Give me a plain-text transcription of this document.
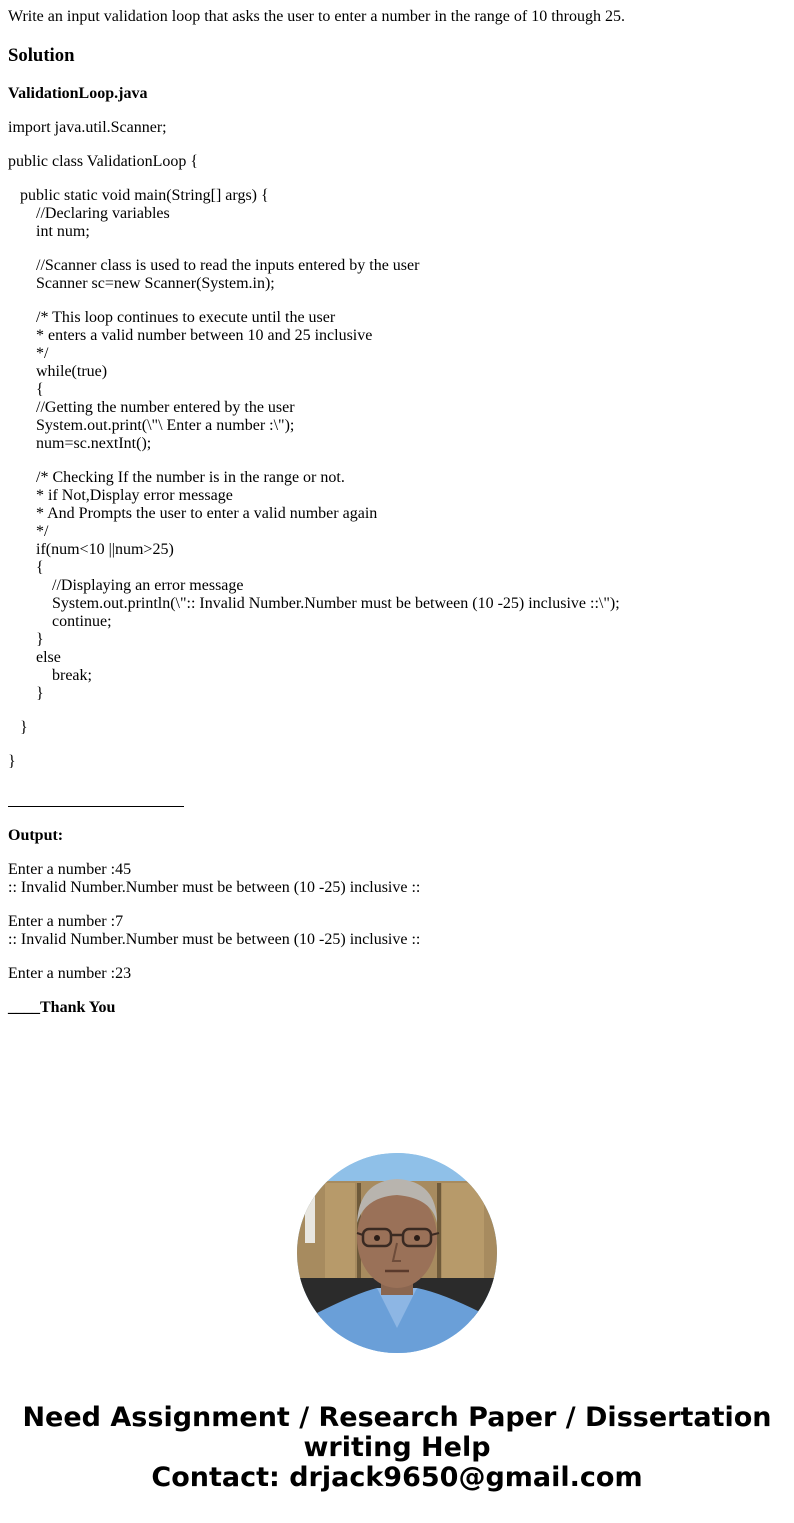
Write an input validation loop that asks the user to enter a number in the range of 10 through 25.

Solution
ValidationLoop.java
import java.util.Scanner;
public class ValidationLoop {
public static void main(String[] args) {
//Declaring variables
int num;
//Scanner class is used to read the inputs entered by the user
Scanner sc=new Scanner(System.in);
/* This loop continues to execute until the user
* enters a valid number between 10 and 25 inclusive
*/
while(true)
{
//Getting the number entered by the user
System.out.print(\"\ Enter a number :\");
num=sc.nextInt();
/* Checking If the number is in the range or not.
* if Not,Display error message
* And Prompts the user to enter a valid number again
*/
if(num<10 ||num>25)
{
//Displaying an error message
System.out.println(\":: Invalid Number.Number must be between (10 -25) inclusive ::\");
continue;
}
else
break;
}
}
}
Output:
Enter a number :45
:: Invalid Number.Number must be between (10 -25) inclusive ::
Enter a number :7
:: Invalid Number.Number must be between (10 -25) inclusive ::
Enter a number :23
____Thank You
Need Assignment / Research Paper / Dissertation
writing Help
Contact: drjack9650@gmail.com
